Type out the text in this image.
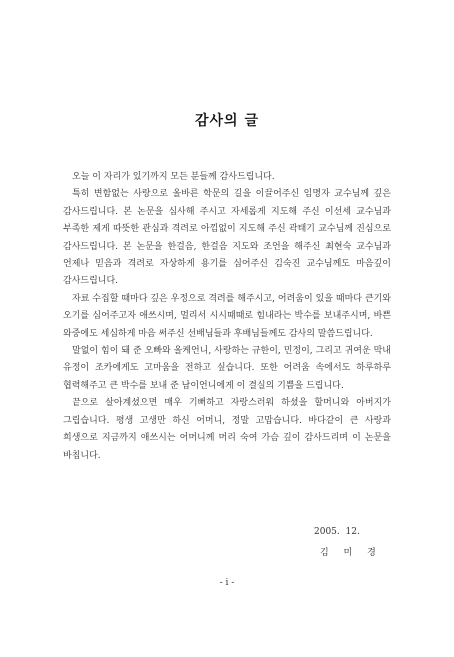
감사의 글

오늘 이 자리가 있기까지 모든 분들께 감사드립니다.

특히 변함없는 사랑으로 올바른 학문의 길을 이끌어주신 임명자 교수님께 깊은 감사드립니다. 본 논문을 심사해 주시고 자세롭게 지도해 주신 이선세 교수님과 부족한 제게 따뜻한 관심과 격려로 아낌없이 지도해 주신 곽태기 교수님께 진심으로 감사드립니다. 본 논문을 한걸음, 한걸음 지도와 조언을 해주신 최현숙 교수님과 언제나 믿음과 격려로 자상하게 용기를 심어주신 김숙진 교수님께도 마음깊이 감사드립니다.

자료 수집할 때마다 깊은 우정으로 격려를 해주시고, 어려움이 있을 때마다 큰기와 오기를 심어주고자 애쓰시며, 멀리서 시시때때로 힘내라는 박수를 보내주시며, 바쁜 와중에도 세심하게 마음 써주신 선배님들과 후배님들께도 감사의 말씀드립니다.

말없이 힘이 돼 준 오빠와 올케언니, 사랑하는 규한이, 민정이, 그리고 귀여운 막내 유정이 조카에게도 고마움을 전하고 싶습니다. 또한 어려움 속에서도 하루하루 협력해주고 큰 박수를 보내 준 남이언니에게 이 결실의 기쁨을 드립니다.

끝으로 살아계셨으면 매우 기뻐하고 자랑스러워 하셨을 할머니와 아버지가 그립습니다. 평생 고생만 하신 어머니, 정말 고맙습니다. 바다같이 큰 사랑과 희생으로 지금까지 애쓰시는 어머니께 머리 숙여 가슴 깊이 감사드리며 이 논문을 바칩니다.

2005.  12.
김 미 경
- i -
